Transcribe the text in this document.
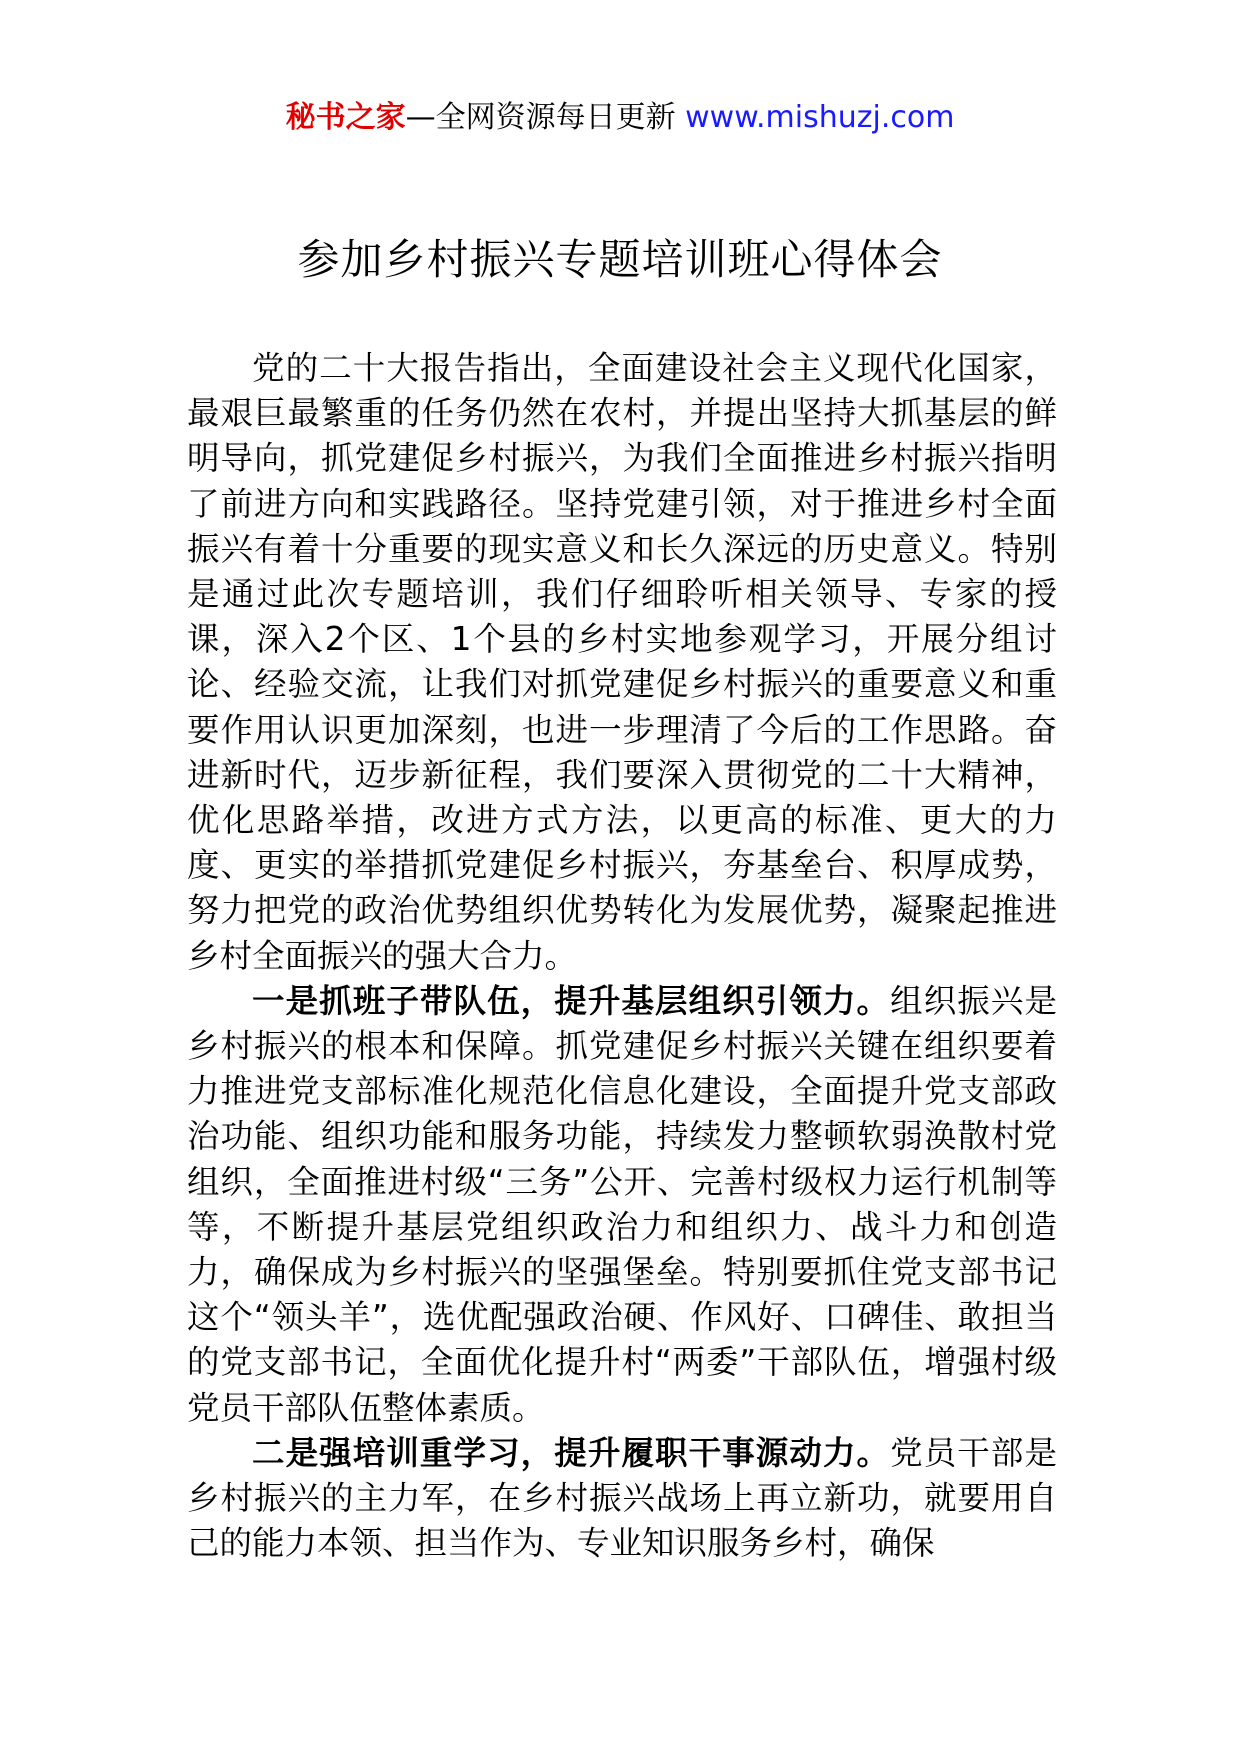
秘书之家—全网资源每日更新 www.mishuzj.com
参加乡村振兴专题培训班心得体会

党的二十大报告指出，全面建设社会主义现代化国家，最艰巨最繁重的任务仍然在农村，并提出坚持大抓基层的鲜明导向，抓党建促乡村振兴，为我们全面推进乡村振兴指明了前进方向和实践路径。坚持党建引领，对于推进乡村全面振兴有着十分重要的现实意义和长久深远的历史意义。特别是通过此次专题培训，我们仔细聆听相关领导、专家的授课，深入2个区、1个县的乡村实地参观学习，开展分组讨论、经验交流，让我们对抓党建促乡村振兴的重要意义和重要作用认识更加深刻，也进一步理清了今后的工作思路。奋进新时代，迈步新征程，我们要深入贯彻党的二十大精神，优化思路举措，改进方式方法，以更高的标准、更大的力度、更实的举措抓党建促乡村振兴，夯基垒台、积厚成势，努力把党的政治优势组织优势转化为发展优势，凝聚起推进乡村全面振兴的强大合力。

一是抓班子带队伍，提升基层组织引领力。组织振兴是乡村振兴的根本和保障。抓党建促乡村振兴关键在组织要着力推进党支部标准化规范化信息化建设，全面提升党支部政治功能、组织功能和服务功能，持续发力整顿软弱涣散村党组织，全面推进村级“三务”公开、完善村级权力运行机制等等，不断提升基层党组织政治力和组织力、战斗力和创造力，确保成为乡村振兴的坚强堡垒。特别要抓住党支部书记这个“领头羊”，选优配强政治硬、作风好、口碑佳、敢担当的党支部书记，全面优化提升村“两委”干部队伍，增强村级党员干部队伍整体素质。

二是强培训重学习，提升履职干事源动力。党员干部是乡村振兴的主力军，在乡村振兴战场上再立新功，就要用自己的能力本领、担当作为、专业知识服务乡村，确保
